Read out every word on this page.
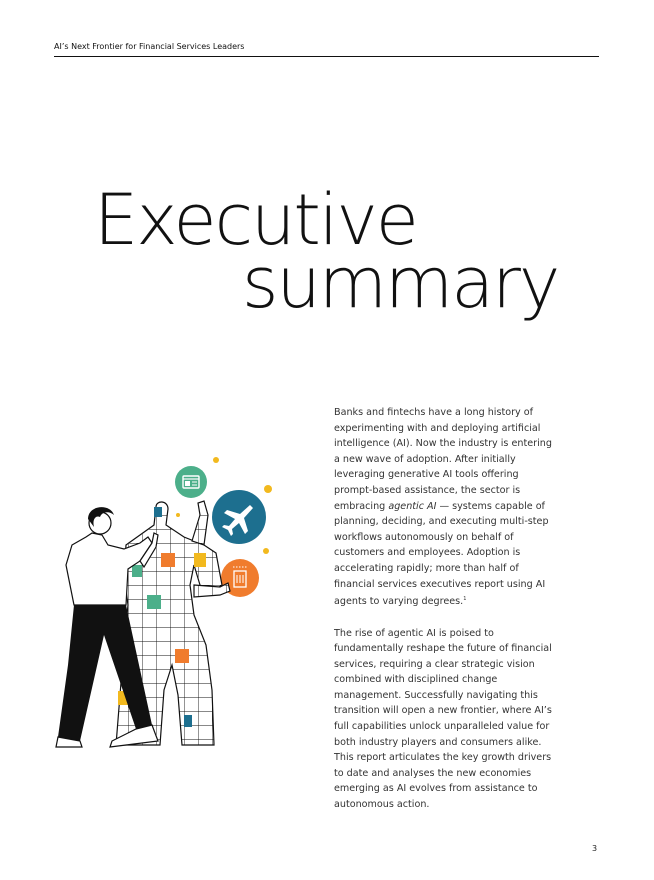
AI’s Next Frontier for Financial Services Leaders
Executive
summary

Banks and fintechs have a long history of experimenting with and deploying artificial intelligence (AI). Now the industry is entering a new wave of adoption. After initially leveraging generative AI tools offering prompt-based assistance, the sector is embracing agentic AI — systems capable of planning, deciding, and executing multi-step workflows autonomously on behalf of customers and employees. Adoption is accelerating rapidly; more than half of financial services executives report using AI agents to varying degrees.$^1$

The rise of agentic AI is poised to fundamentally reshape the future of financial services, requiring a clear strategic vision combined with disciplined change management. Successfully navigating this transition will open a new frontier, where AI’s full capabilities unlock unparalleled value for both industry players and consumers alike. This report articulates the key growth drivers to date and analyses the new economies emerging as AI evolves from assistance to autonomous action.

3
